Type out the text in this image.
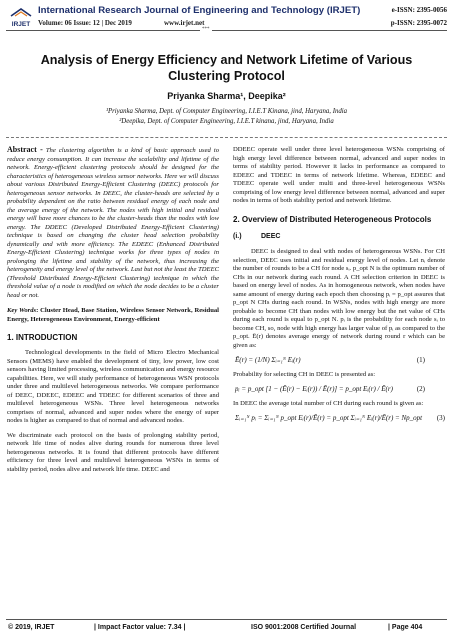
IRJET
International Research Journal of Engineering and Technology (IRJET)
Volume: 06 Issue: 12 | Dec 2019	www.irjet.net
e-ISSN: 2395-0056
p-ISSN: 2395-0072
***
Analysis of Energy Efficiency and Network Lifetime of Various Clustering Protocol
Priyanka Sharma¹, Deepika²
¹Priyanka Sharma, Dept. of Computer Engineering, I.I.E.T Kinana, jind, Haryana, India
²Deepika, Dept. of Computer Engineering, I.I.E.T kinana, jind, Haryana, India
Abstract - The clustering algorithm is a kind of basic approach used to reduce energy consumption. It can increase the scalability and lifetime of the network. Energy-efficient clustering protocols should be designed for the characteristics of heterogeneous wireless sensor networks. Here we will discuss about various Distributed Energy-Efficient Clustering (DEEC) protocols for heterogeneous sensor networks. In DEEC, the cluster-heads are selected by a probability dependent on the ratio between residual energy of each node and the average energy of the network. The nodes with high initial and residual energy will have more chances to be the cluster-heads than the nodes with low energy. The DDEEC (Developed Distributed Energy-Efficient Clustering) technique is based on changing the cluster head selection probability dynamically and with more efficiency. The EDEEC (Enhanced Distributed Energy-Efficient Clustering) technique works for three types of nodes in prolonging the lifetime and stability of the network, thus increasing the heterogeneity and energy level of the network. Last but not the least the TDEEC (Threshold Distributed Energy-Efficient Clustering) technique in which the threshold value of a node is modified on which the node decides to be a cluster head or not.
Key Words: Cluster Head, Base Station, Wireless Sensor Network, Residual Energy, Heterogeneous Environment, Energy-efficient
1. INTRODUCTION

Technological developments in the field of Micro Electro Mechanical Sensors (MEMS) have enabled the development of tiny, low power, low cost sensors having limited processing, wireless communication and energy resource capabilities. Here, we will study performance of heterogeneous WSN protocols under three and multilevel heterogeneous networks. We compare performance of DEEC, DDEEC, EDEEC and TDEEC for different scenarios of three and multilevel heterogeneous WSNs. Three level heterogeneous networks comprises of normal, advanced and super nodes where the energy of super nodes is higher as compared to that of normal and advanced nodes.

We discriminate each protocol on the basis of prolonging stability period, network life time of nodes alive during rounds for numerous three level heterogeneous networks. It is found that different protocols have different efficiency for three level and multilevel heterogeneous WSNs in terms of stability period, nodes alive and network life time. DEEC and

DDEEC operate well under three level heterogeneous WSNs comprising of high energy level difference between normal, advanced and super nodes in terms of stability period. However it lacks in performance as compared to EDEEC and TDEEC in terms of network lifetime. Whereas, EDEEC and TDEEC operate well under multi and three-level heterogeneous WSNs comprising of low energy level difference between normal, advanced and super nodes in terms of both stability period and network lifetime.

2. Overview of Distributed Heterogeneous Protocols
(i.)	DEEC

DEEC is designed to deal with nodes of heterogeneous WSNs. For CH selection, DEEC uses initial and residual energy level of nodes. Let nᵢ denote the number of rounds to be a CH for node sᵢ. p_opt N is the optimum number of CHs in our network during each round. A CH selection criterion in DEEC is based on energy level of nodes. As in homogeneous network, when nodes have same amount of energy during each epoch then choosing pᵢ = p_opt assures that p_opt N CHs during each round. In WSNs, nodes with high energy are more probable to become CH than nodes with low energy but the net value of CHs during each round is equal to p_opt N. pᵢ is the probability for each node sᵢ to become CH, so, node with high energy has larger value of pᵢ as compared to the p_opt. Ē(r) denotes average energy of network during round r which can be given as:

Ē(r) = (1/N) Σᵢ₌₁ᴺ Eᵢ(r)	(1)

Probability for selecting CH in DEEC is presented as:

pᵢ = p_opt [1 − (Ē(r) − Eᵢ(r)) / Ē(r)] = p_opt Eᵢ(r) / Ē(r)	(2)

In DEEC the average total number of CH during each round is given as:

Σᵢ₌₁ᴺ pᵢ = Σᵢ₌₁ᴺ p_opt Eᵢ(r)/Ē(r) = p_opt Σᵢ₌₁ᴺ Eᵢ(r)/Ē(r) = Np_opt (3)
© 2019, IRJET	| Impact Factor value: 7.34 |	ISO 9001:2008 Certified Journal	| Page 404
